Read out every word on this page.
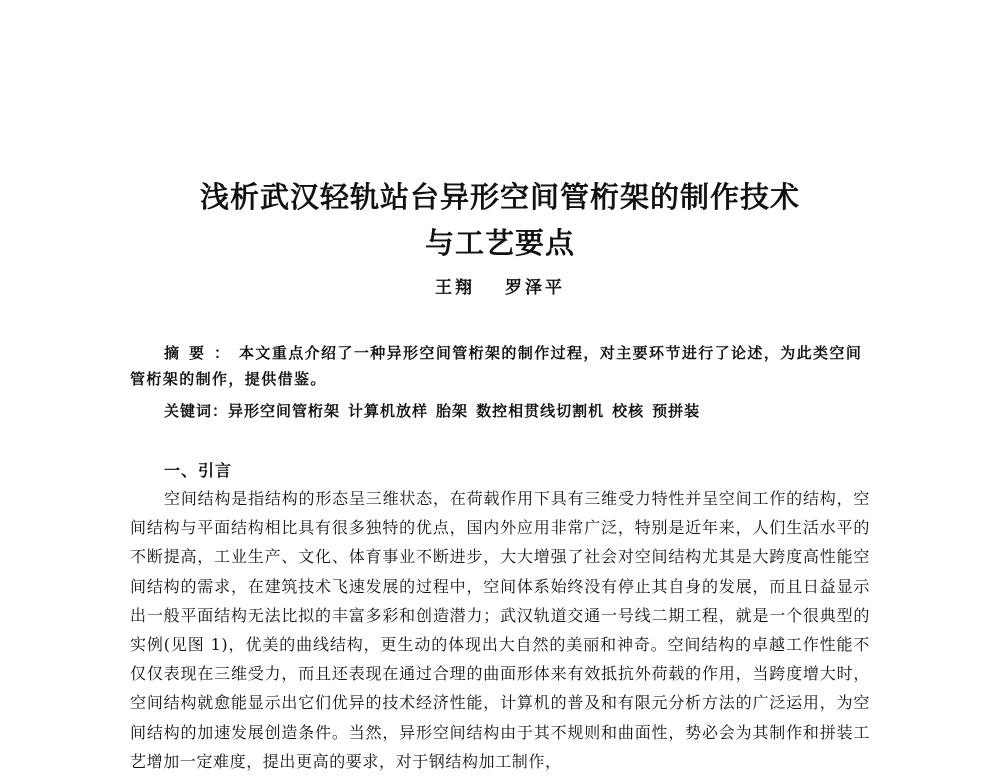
浅析武汉轻轨站台异形空间管桁架的制作技术
与工艺要点
王翔 罗泽平
摘要：本文重点介绍了一种异形空间管桁架的制作过程，对主要环节进行了论述，为此类空间管桁架的制作，提供借鉴。
关键词：异形空间管桁架 计算机放样 胎架 数控相贯线切割机 校核 预拼装
一、引言
空间结构是指结构的形态呈三维状态，在荷载作用下具有三维受力特性并呈空间工作的结构，空间结构与平面结构相比具有很多独特的优点，国内外应用非常广泛，特别是近年来，人们生活水平的不断提高，工业生产、文化、体育事业不断进步，大大增强了社会对空间结构尤其是大跨度高性能空间结构的需求，在建筑技术飞速发展的过程中，空间体系始终没有停止其自身的发展，而且日益显示出一般平面结构无法比拟的丰富多彩和创造潜力；武汉轨道交通一号线二期工程，就是一个很典型的实例(见图 1)，优美的曲线结构，更生动的体现出大自然的美丽和神奇。空间结构的卓越工作性能不仅仅表现在三维受力，而且还表现在通过合理的曲面形体来有效抵抗外荷载的作用，当跨度增大时，空间结构就愈能显示出它们优异的技术经济性能，计算机的普及和有限元分析方法的广泛运用，为空间结构的加速发展创造条件。当然，异形空间结构由于其不规则和曲面性，势必会为其制作和拼装工艺增加一定难度，提出更高的要求，对于钢结构加工制作，
